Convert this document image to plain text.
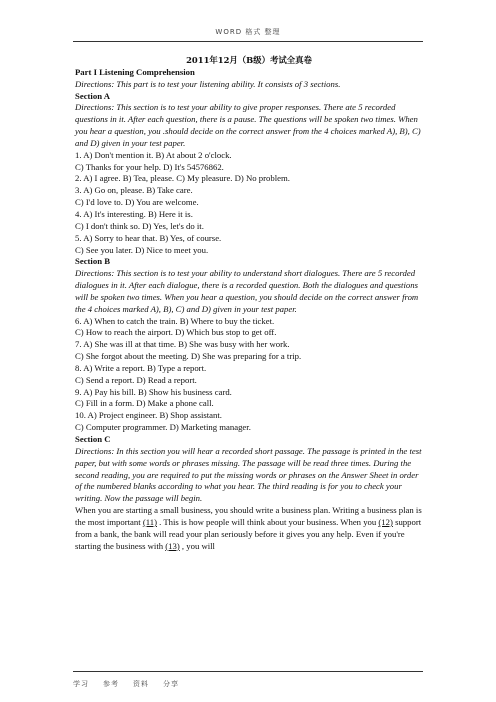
WORD 格式 整理

2011年12月（B级）考试全真卷

Part I Listening Comprehension

Directions: This part is to test your listening ability. It consists of 3 sections.

Section A

Directions: This section is to test your ability to give proper responses. There ate 5 recorded questions in it. After each question, there is a pause. The questions will be spoken two times. When you hear a question, you .should decide on the correct answer from the 4 choices marked A), B), C) and D) given in your test paper.

1. A) Don't mention it. B) At about 2 o'clock.

C) Thanks for your help. D) It's 54576862.

2. A) I agree. B) Tea, please. C) My pleasure. D) No problem.

3. A) Go on, please. B) Take care.

C) I'd love to. D) You are welcome.

4. A) It's interesting. B) Here it is.

C) I don't think so. D) Yes, let's do it.

5. A) Sorry to hear that. B) Yes, of course.

C) See you later. D) Nice to meet you.

Section B

Directions: This section is to test your ability to understand short dialogues. There are 5 recorded dialogues in it. After each dialogue, there is a recorded question. Both the dialogues and questions will be spoken two times. When you hear a question, you should decide on the correct answer from the 4 choices marked A), B), C) and D) given in your test paper.

6. A) When to catch the train. B) Where to buy the ticket.

C) How to reach the airport. D) Which bus stop to get off.

7. A) She was ill at that time. B) She was busy with her work.

C) She forgot about the meeting. D) She was preparing for a trip.

8. A) Write a report. B) Type a report.

C) Send a report. D) Read a report.

9. A) Pay his bill. B) Show his business card.

C) Fill in a form. D) Make a phone call.

10. A) Project engineer. B) Shop assistant.

C) Computer programmer. D) Marketing manager.

Section C

Directions: In this section you will hear a recorded short passage. The passage is printed in the test paper, but with some words or phrases missing. The passage will be read three times. During the second reading, you are required to put the missing words or phrases on the Answer Sheet in order of the numbered blanks according to what you hear. The third reading is for you to check your writing. Now the passage will begin.

When you are starting a small business, you should write a business plan. Writing a business plan is the most important (11) . This is how people will think about your business. When you (12) support from a bank, the bank will read your plan seriously before it gives you any help. Even if you're starting the business with (13) , you will

学习 参考 资料 分享
